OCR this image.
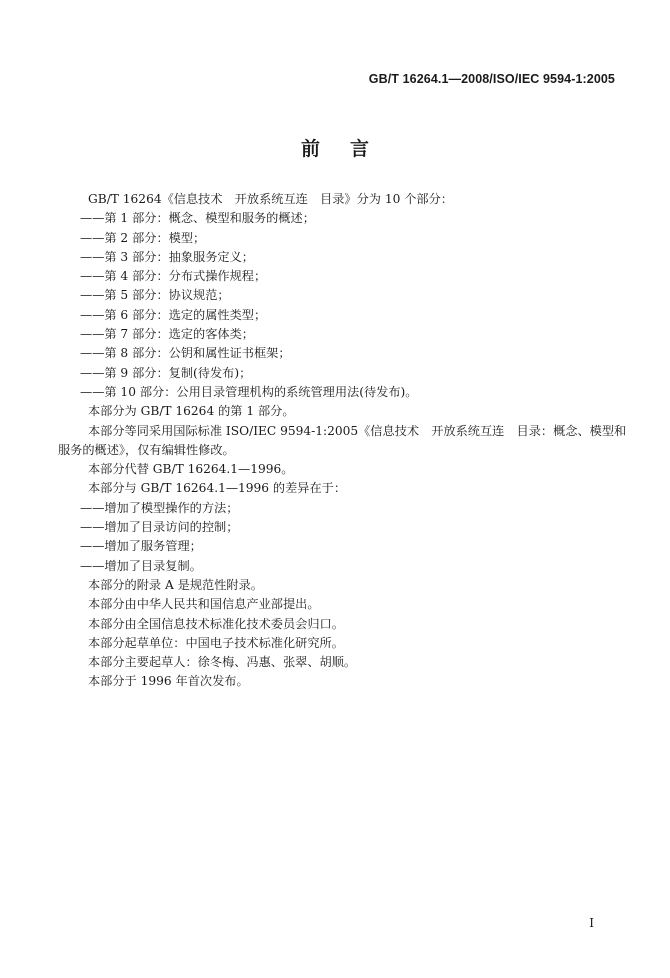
GB/T 16264.1—2008/ISO/IEC 9594-1:2005
前言

GB/T 16264《信息技术　开放系统互连　目录》分为 10 个部分：

——第 1 部分：概念、模型和服务的概述；

——第 2 部分：模型；

——第 3 部分：抽象服务定义；

——第 4 部分：分布式操作规程；

——第 5 部分：协议规范；

——第 6 部分：选定的属性类型；

——第 7 部分：选定的客体类；

——第 8 部分：公钥和属性证书框架；

——第 9 部分：复制(待发布)；

——第 10 部分：公用目录管理机构的系统管理用法(待发布)。

本部分为 GB/T 16264 的第 1 部分。

本部分等同采用国际标准 ISO/IEC 9594-1:2005《信息技术　开放系统互连　目录：概念、模型和

服务的概述》，仅有编辑性修改。

本部分代替 GB/T 16264.1—1996。

本部分与 GB/T 16264.1—1996 的差异在于：

——增加了模型操作的方法；

——增加了目录访问的控制；

——增加了服务管理；

——增加了目录复制。

本部分的附录 A 是规范性附录。

本部分由中华人民共和国信息产业部提出。

本部分由全国信息技术标准化技术委员会归口。

本部分起草单位：中国电子技术标准化研究所。

本部分主要起草人：徐冬梅、冯惠、张翠、胡顺。

本部分于 1996 年首次发布。

I
